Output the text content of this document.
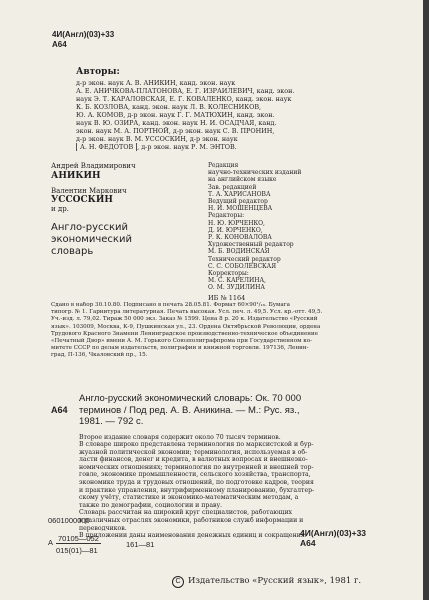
4И(Англ)(03)+33
А64
Авторы:
д-р экон. наук А. В. АНИКИН, канд. экон. наук
А. Е. АНИЧКОВА-ПЛАТОНОВА, Е. Г. ИЗРАИЛЕВИЧ, канд. экон.
наук Э. Т. КАРАЛОВСКАЯ, Е. Г. КОВАЛЕНКО, канд. экон. наук
К. Б. КОЗЛОВА, канд. экон. наук Л. В. КОЛЕСНИКОВ,
Ю. А. КОМОВ, д-р экон. наук Г. Г. МАТЮХИН, канд. экон.
наук В. Ю. ОЗИРА, канд. экон. наук Н. И. ОСАДЧАЯ, канд.
экон. наук М. А. ПОРТНОЙ, д-р экон. наук С. В. ПРОНИН,
д-р экон. наук В. М. УССОСКИН, д-р экон. наук
А. Н. ФЕДОТОВ , д-р экон. наук Р. М. ЭНТОВ.
Андрей Владимирович
АНИКИН
Валентин Маркович
УССОСКИН
и др.
Англо-русский
экономический
словарь
Редакция
научно-технических изданий
на английском языке
Зав. редакцией
Т. А. ХАРИСАНОВА
Ведущий редактор
Н. И. МОШЕНЦЕВА
Редакторы:
Н. Ю. ЮРЧЕНКО,
Д. И. ЮРЧЕНКО,
Р. К. КОНОВАЛОВА
Художественный редактор
М. Б. ВОДИНСКАЯ
Технический редактор
С. С. СОБОЛЕВСКАЯ
Корректоры:
М. С. КАРЕЛИНА,
О. М. ЗУДИЛИНА
ИБ № 1164
Сдано в набор 30.10.80. Подписано в печать 28.05.81. Формат 60×90¹/₁₆. Бумага
типогр. № 1. Гарнитура литературная. Печать высокая. Усл. печ. л. 49,5. Усл. кр.-отт. 49,5.
Уч.-изд. л. 79,02. Тираж 50 000 экз. Заказ № 1599. Цена 8 р. 20 к. Издательство «Русский
язык». 103009, Москва, К-9, Пушкинская ул., 23. Ордена Октябрьской Революции, ордена
Трудового Красного Знамени Ленинградское производственно-техническое объединение
«Печатный Двор» имени А. М. Горького Союзполиграфпрома при Государственном ко-
митете СССР по делам издательств, полиграфии и книжной торговли. 197136, Ленин-
град, П-136, Чкаловский пр., 15.
А64
Англо-русский экономический словарь: Ок. 70 000
терминов / Под ред. А. В. Аникина. — М.: Рус. яз.,
1981. — 792 с.
Второе издание словаря содержит около 70 тысяч терминов.
В словаре широко представлена терминология по марксистской и бур-
жуазной политической экономии; терминология, используемая в об-
ласти финансов, денег и кредита, в валютных вопросах и внешнеэко-
номических отношениях; терминология по внутренней и внешней тор-
говле, экономике промышленности, сельского хозяйства, транспорта,
экономике труда и трудовых отношений, по подготовке кадров, теория
и практике управления, внутрифирменному планированию, бухгалтер-
скому учёту, статистике и экономико-математическим методам, а
также по демографии, социологии и праву.
Словарь рассчитан на широкий круг специалистов, работающих
в различных отраслях экономики, работников служб информации и
переводчиков.
В приложении даны наименования денежных единиц и сокращения.
0601000000
А 70105—052
015(01)—81
161—81
4И(Англ)(03)+33
А64
C Издательство «Русский язык», 1981 г.
